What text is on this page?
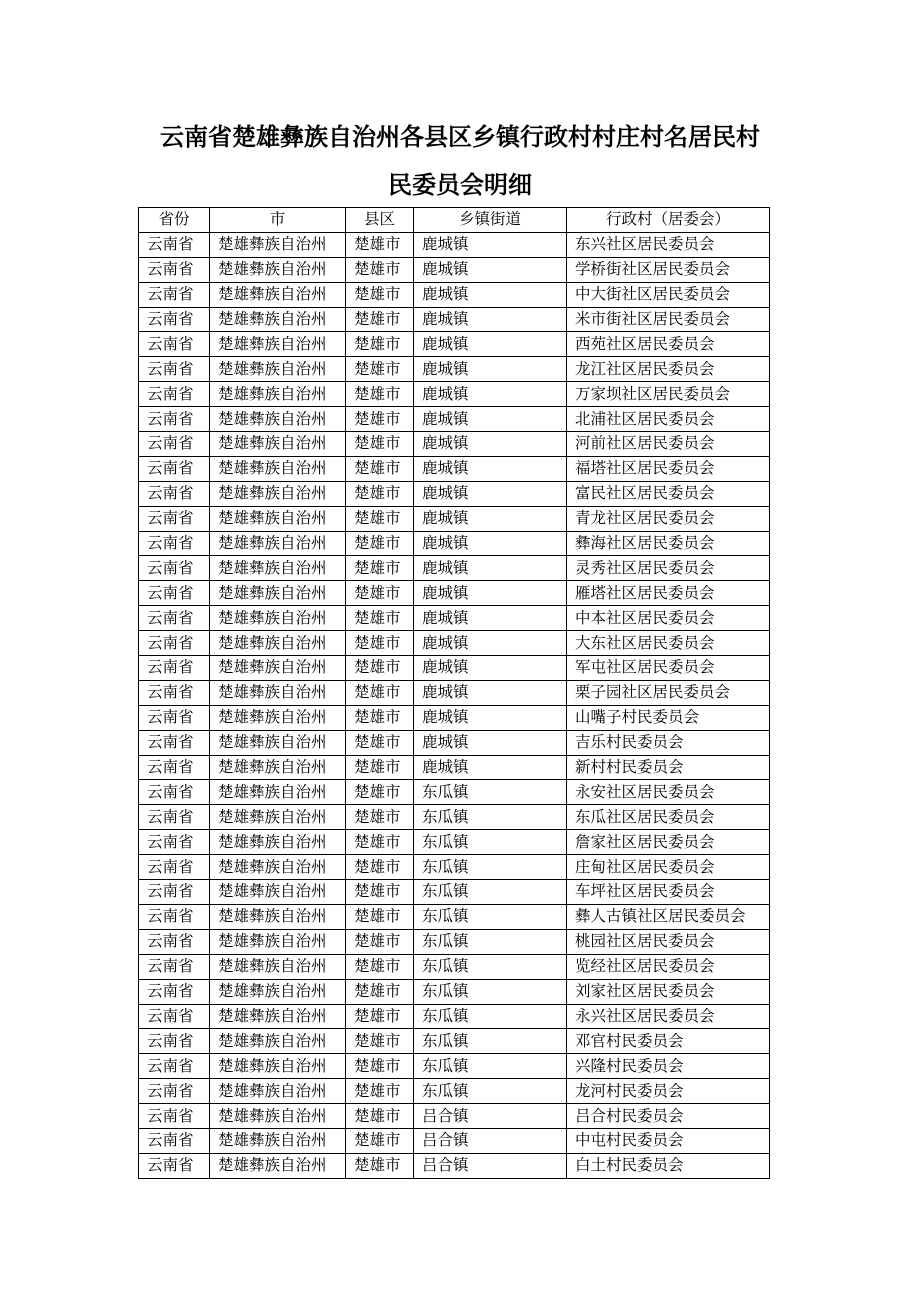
云南省楚雄彝族自治州各县区乡镇行政村村庄村名居民村
民委员会明细
省份	市	县区	乡镇街道	行政村（居委会）
云南省	楚雄彝族自治州	楚雄市	鹿城镇	东兴社区居民委员会
云南省	楚雄彝族自治州	楚雄市	鹿城镇	学桥街社区居民委员会
云南省	楚雄彝族自治州	楚雄市	鹿城镇	中大街社区居民委员会
云南省	楚雄彝族自治州	楚雄市	鹿城镇	米市街社区居民委员会
云南省	楚雄彝族自治州	楚雄市	鹿城镇	西苑社区居民委员会
云南省	楚雄彝族自治州	楚雄市	鹿城镇	龙江社区居民委员会
云南省	楚雄彝族自治州	楚雄市	鹿城镇	万家坝社区居民委员会
云南省	楚雄彝族自治州	楚雄市	鹿城镇	北浦社区居民委员会
云南省	楚雄彝族自治州	楚雄市	鹿城镇	河前社区居民委员会
云南省	楚雄彝族自治州	楚雄市	鹿城镇	福塔社区居民委员会
云南省	楚雄彝族自治州	楚雄市	鹿城镇	富民社区居民委员会
云南省	楚雄彝族自治州	楚雄市	鹿城镇	青龙社区居民委员会
云南省	楚雄彝族自治州	楚雄市	鹿城镇	彝海社区居民委员会
云南省	楚雄彝族自治州	楚雄市	鹿城镇	灵秀社区居民委员会
云南省	楚雄彝族自治州	楚雄市	鹿城镇	雁塔社区居民委员会
云南省	楚雄彝族自治州	楚雄市	鹿城镇	中本社区居民委员会
云南省	楚雄彝族自治州	楚雄市	鹿城镇	大东社区居民委员会
云南省	楚雄彝族自治州	楚雄市	鹿城镇	军屯社区居民委员会
云南省	楚雄彝族自治州	楚雄市	鹿城镇	栗子园社区居民委员会
云南省	楚雄彝族自治州	楚雄市	鹿城镇	山嘴子村民委员会
云南省	楚雄彝族自治州	楚雄市	鹿城镇	吉乐村民委员会
云南省	楚雄彝族自治州	楚雄市	鹿城镇	新村村民委员会
云南省	楚雄彝族自治州	楚雄市	东瓜镇	永安社区居民委员会
云南省	楚雄彝族自治州	楚雄市	东瓜镇	东瓜社区居民委员会
云南省	楚雄彝族自治州	楚雄市	东瓜镇	詹家社区居民委员会
云南省	楚雄彝族自治州	楚雄市	东瓜镇	庄甸社区居民委员会
云南省	楚雄彝族自治州	楚雄市	东瓜镇	车坪社区居民委员会
云南省	楚雄彝族自治州	楚雄市	东瓜镇	彝人古镇社区居民委员会
云南省	楚雄彝族自治州	楚雄市	东瓜镇	桃园社区居民委员会
云南省	楚雄彝族自治州	楚雄市	东瓜镇	览经社区居民委员会
云南省	楚雄彝族自治州	楚雄市	东瓜镇	刘家社区居民委员会
云南省	楚雄彝族自治州	楚雄市	东瓜镇	永兴社区居民委员会
云南省	楚雄彝族自治州	楚雄市	东瓜镇	邓官村民委员会
云南省	楚雄彝族自治州	楚雄市	东瓜镇	兴隆村民委员会
云南省	楚雄彝族自治州	楚雄市	东瓜镇	龙河村民委员会
云南省	楚雄彝族自治州	楚雄市	吕合镇	吕合村民委员会
云南省	楚雄彝族自治州	楚雄市	吕合镇	中屯村民委员会
云南省	楚雄彝族自治州	楚雄市	吕合镇	白土村民委员会
